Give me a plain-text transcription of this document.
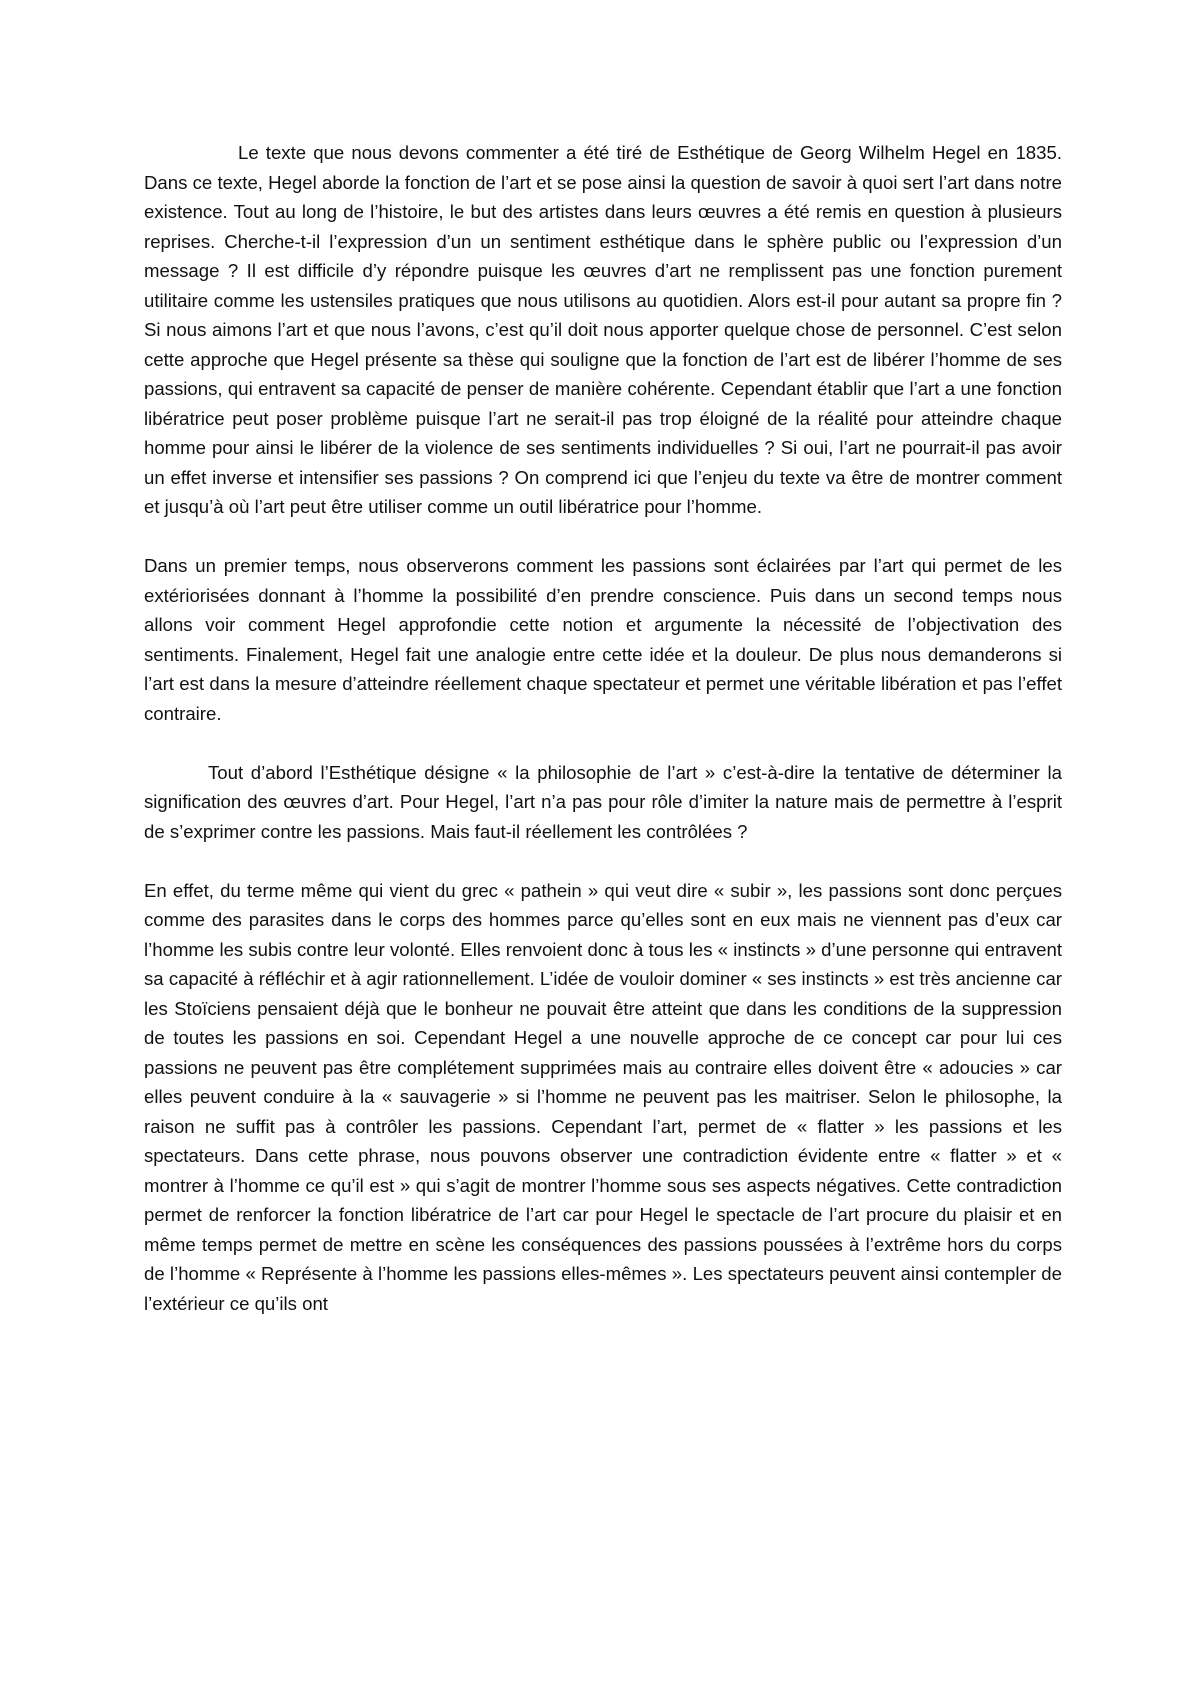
Le texte que nous devons commenter a été tiré de Esthétique de Georg Wilhelm Hegel en 1835. Dans ce texte, Hegel aborde la fonction de l’art et se pose ainsi la question de savoir à quoi sert l’art dans notre existence. Tout au long de l’histoire, le but des artistes dans leurs œuvres a été remis en question à plusieurs reprises. Cherche-t-il l’expression d’un un sentiment esthétique dans le sphère public ou l’expression d’un message ? Il est difficile d’y répondre puisque les œuvres d’art ne remplissent pas une fonction purement utilitaire comme les ustensiles pratiques que nous utilisons au quotidien. Alors est-il pour autant sa propre fin ? Si nous aimons l’art et que nous l’avons, c’est qu’il doit nous apporter quelque chose de personnel. C’est selon cette approche que Hegel présente sa thèse qui souligne que la fonction de l’art est de libérer l’homme de ses passions, qui entravent sa capacité de penser de manière cohérente. Cependant établir que l’art a une fonction libératrice peut poser problème puisque l’art ne serait-il pas trop éloigné de la réalité pour atteindre chaque homme pour ainsi le libérer de la violence de ses sentiments individuelles ? Si oui, l’art ne pourrait-il pas avoir un effet inverse et intensifier ses passions ? On comprend ici que l’enjeu du texte va être de montrer comment et jusqu’à où l’art peut être utiliser comme un outil libératrice pour l’homme.

Dans un premier temps, nous observerons comment les passions sont éclairées par l’art qui permet de les extériorisées donnant à l’homme la possibilité d’en prendre conscience. Puis dans un second temps nous allons voir comment Hegel approfondie cette notion et argumente la nécessité de l’objectivation des sentiments. Finalement, Hegel fait une analogie entre cette idée et la douleur. De plus nous demanderons si l’art est dans la mesure d’atteindre réellement chaque spectateur et permet une véritable libération et pas l’effet contraire.

Tout d’abord l’Esthétique désigne « la philosophie de l’art » c’est-à-dire la tentative de déterminer la signification des œuvres d’art. Pour Hegel, l’art n’a pas pour rôle d’imiter la nature mais de permettre à l’esprit de s’exprimer contre les passions. Mais faut-il réellement les contrôlées ?

En effet, du terme même qui vient du grec « pathein » qui veut dire « subir », les passions sont donc perçues comme des parasites dans le corps des hommes parce qu’elles sont en eux mais ne viennent pas d’eux car l’homme les subis contre leur volonté. Elles renvoient donc à tous les « instincts » d’une personne qui entravent sa capacité à réfléchir et à agir rationnellement. L’idée de vouloir dominer « ses instincts » est très ancienne car les Stoïciens pensaient déjà que le bonheur ne pouvait être atteint que dans les conditions de la suppression de toutes les passions en soi. Cependant Hegel a une nouvelle approche de ce concept car pour lui ces passions ne peuvent pas être complétement supprimées mais au contraire elles doivent être « adoucies » car elles peuvent conduire à la « sauvagerie » si l’homme ne peuvent pas les maitriser. Selon le philosophe, la raison ne suffit pas à contrôler les passions. Cependant l’art, permet de « flatter » les passions et les spectateurs. Dans cette phrase, nous pouvons observer une contradiction évidente entre « flatter » et « montrer à l’homme ce qu’il est » qui s’agit de montrer l’homme sous ses aspects négatives. Cette contradiction permet de renforcer la fonction libératrice de l’art car pour Hegel le spectacle de l’art procure du plaisir et en même temps permet de mettre en scène les conséquences des passions poussées à l’extrême hors du corps de l’homme « Représente à l’homme les passions elles-mêmes ». Les spectateurs peuvent ainsi contempler de l’extérieur ce qu’ils ont
